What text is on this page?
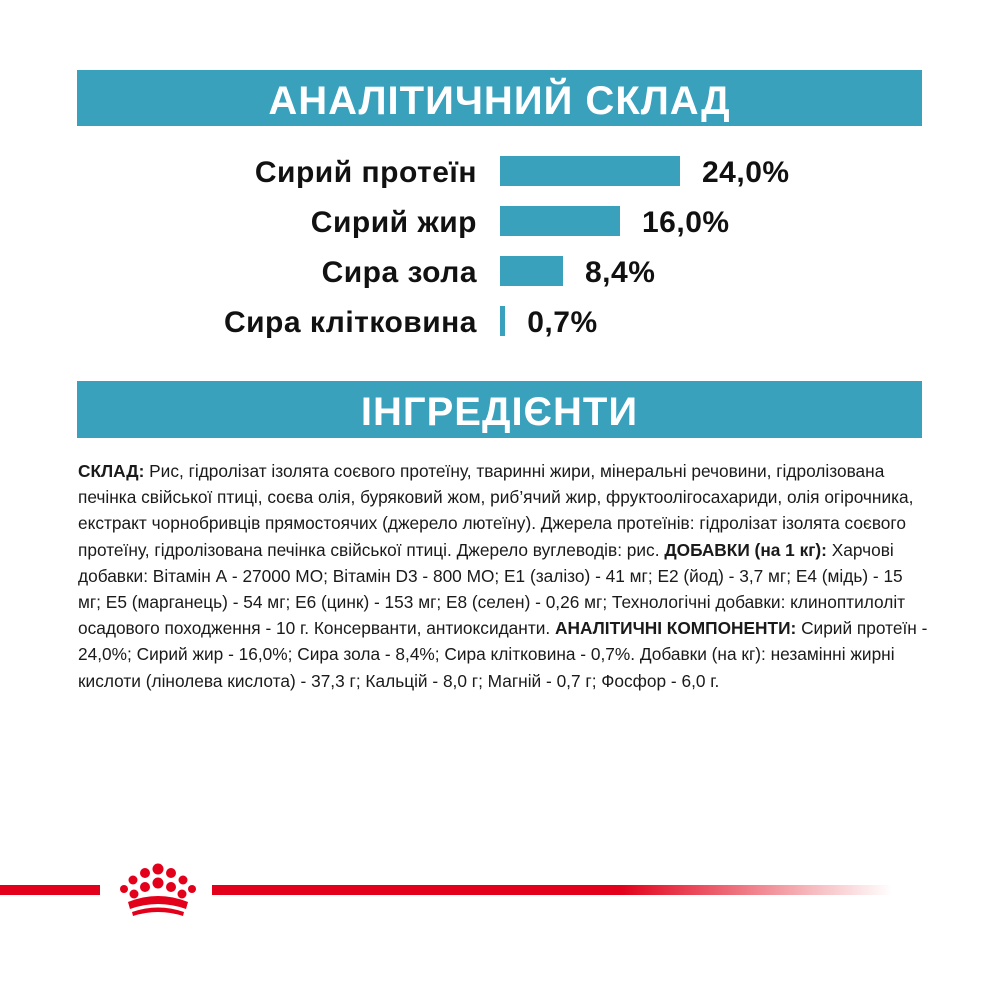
АНАЛІТИЧНИЙ СКЛАД
Сирий протеїн	24,0%
Сирий жир	16,0%
Сира зола	8,4%
Сира клітковина 0,7%
ІНГРЕДІЄНТИ
СКЛАД: Рис, гідролізат ізолята соєвого протеїну, тваринні жири, мінеральні речовини, гідролізована печінка свійської птиці, соєва олія, буряковий жом, риб’ячий жир, фруктоолігосахариди, олія огірочника, екстракт чорнобривців прямостоячих (джерело лютеїну). Джерела протеїнів: гідролізат ізолята соєвого протеїну, гідролізована печінка свійської птиці. Джерело вуглеводів: рис. ДОБАВКИ (на 1 кг): Харчові добавки: Вітамін А - 27000 МО; Вітамін D3 - 800 МО; E1 (залізо) - 41 мг; E2 (йод) - 3,7 мг; E4 (мідь) - 15 мг; E5 (марганець) - 54 мг; E6 (цинк) - 153 мг; E8 (селен) - 0,26 мг; Технологічні добавки: клиноптилоліт осадового походження - 10 г. Консерванти, антиоксиданти. АНАЛІТИЧНІ КОМПОНЕНТИ: Сирий протеїн - 24,0%; Сирий жир - 16,0%; Сира зола - 8,4%; Сира клітковина - 0,7%. Добавки (на кг): незамінні жирні кислоти (лінолева кислота) - 37,3 г; Кальцій - 8,0 г; Магній - 0,7 г; Фосфор - 6,0 г.
